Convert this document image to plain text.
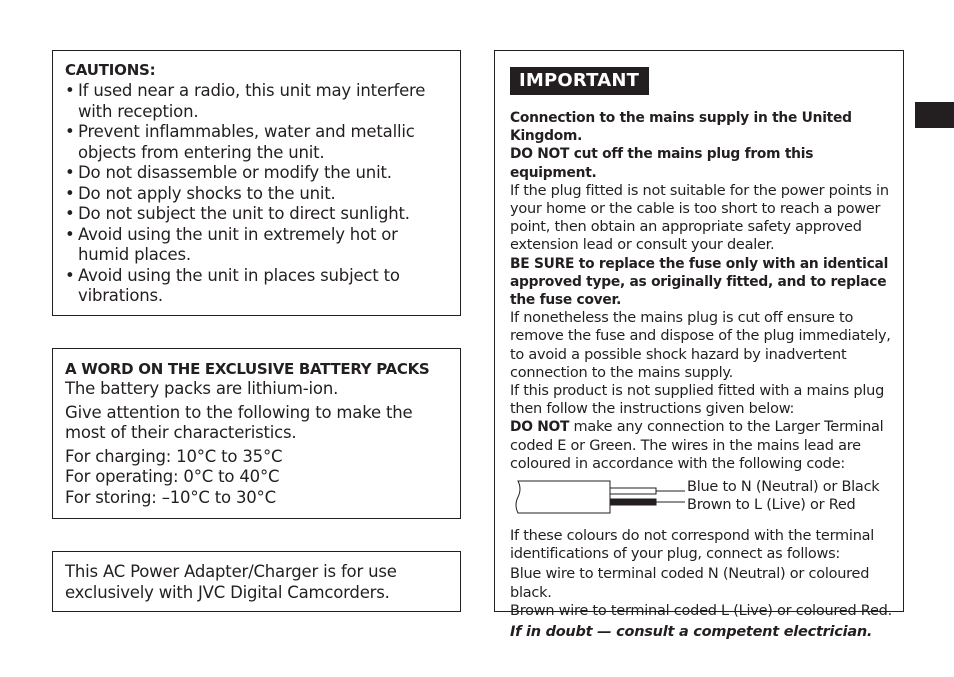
CAUTIONS:
• If used near a radio, this unit may interfere with reception.
• Prevent inflammables, water and metallic objects from entering the unit.
• Do not disassemble or modify the unit.
• Do not apply shocks to the unit.
• Do not subject the unit to direct sunlight.
• Avoid using the unit in extremely hot or humid places.
• Avoid using the unit in places subject to vibrations.
A WORD ON THE EXCLUSIVE BATTERY PACKS

The battery packs are lithium-ion.

Give attention to the following to make the most of their characteristics.

For charging: 10°C to 35°C

For operating: 0°C to 40°C

For storing: –10°C to 30°C

This AC Power Adapter/Charger is for use exclusively with JVC Digital Camcorders.

IMPORTANT

Connection to the mains supply in the United Kingdom.

DO NOT cut off the mains plug from this equipment.

If the plug fitted is not suitable for the power points in your home or the cable is too short to reach a power point, then obtain an appropriate safety approved extension lead or consult your dealer.

BE SURE to replace the fuse only with an identical approved type, as originally fitted, and to replace the fuse cover.

If nonetheless the mains plug is cut off ensure to remove the fuse and dispose of the plug immediately, to avoid a possible shock hazard by inadvertent connection to the mains supply.

If this product is not supplied fitted with a mains plug then follow the instructions given below:

DO NOT make any connection to the Larger Terminal coded E or Green. The wires in the mains lead are coloured in accordance with the following code:

Blue to N (Neutral) or Black
Brown to L (Live) or Red

If these colours do not correspond with the terminal identifications of your plug, connect as follows:

Blue wire to terminal coded N (Neutral) or coloured black.

Brown wire to terminal coded L (Live) or coloured Red.

If in doubt — consult a competent electrician.
